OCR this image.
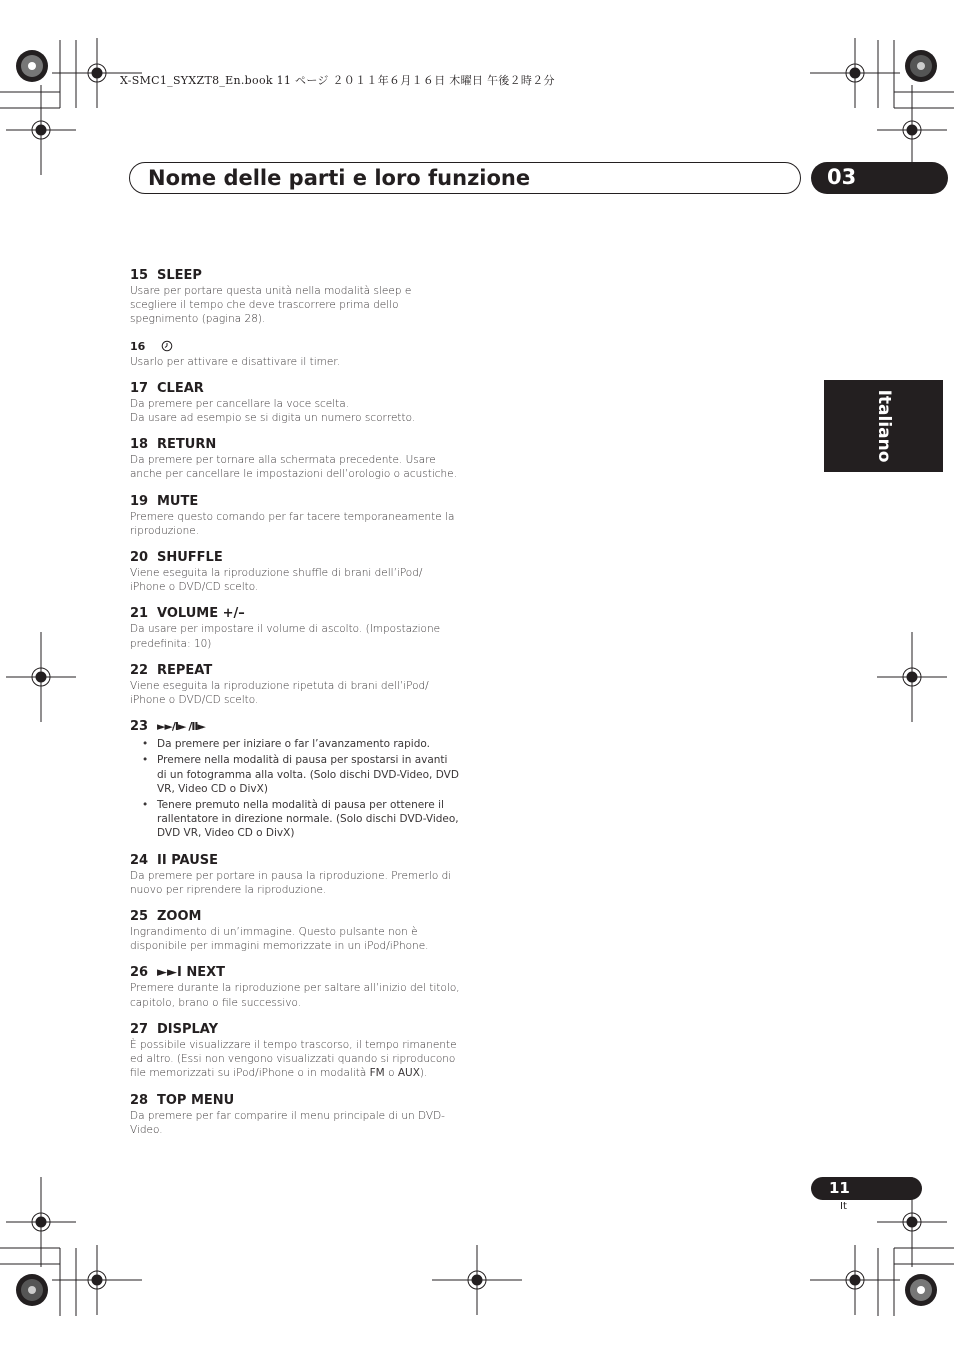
X-SMC1_SYXZT8_En.book 11 ページ ２０１１年６月１６日 木曜日 午後２時２分
Nome delle parti e loro funzione	03
Italiano
15 SLEEP
Usare per portare questa unità nella modalità sleep e scegliere il tempo che deve trascorrere prima dello spegnimento (pagina 28).
16
Usarlo per attivare e disattivare il timer.
17 CLEAR
Da premere per cancellare la voce scelta.
Da usare ad esempio se si digita un numero scorretto.
18 RETURN
Da premere per tornare alla schermata precedente. Usare anche per cancellare le impostazioni dell’orologio o acustiche.
19 MUTE
Premere questo comando per far tacere temporaneamente la riproduzione.
20 SHUFFLE
Viene eseguita la riproduzione shuffle di brani dell’iPod/ iPhone o DVD/CD scelto.
21 VOLUME +/–
Da usare per impostare il volume di ascolto. (Impostazione predefinita: 10)
22 REPEAT
Viene eseguita la riproduzione ripetuta di brani dell’iPod/ iPhone o DVD/CD scelto.
23 ►►/I► /II►
• Da premere per iniziare o far l’avanzamento rapido.
• Premere nella modalità di pausa per spostarsi in avanti di un fotogramma alla volta. (Solo dischi DVD-Video, DVD VR, Video CD o DivX)
• Tenere premuto nella modalità di pausa per ottenere il rallentatore in direzione normale. (Solo dischi DVD-Video, DVD VR, Video CD o DivX)
24 II PAUSE
Da premere per portare in pausa la riproduzione. Premerlo di nuovo per riprendere la riproduzione.
25 ZOOM
Ingrandimento di un’immagine. Questo pulsante non è disponibile per immagini memorizzate in un iPod/iPhone.
26 ►►I NEXT
Premere durante la riproduzione per saltare all’inizio del titolo, capitolo, brano o file successivo.
27 DISPLAY
È possibile visualizzare il tempo trascorso, il tempo rimanente ed altro. (Essi non vengono visualizzati quando si riproducono file memorizzati su iPod/iPhone o in modalità FM o AUX).
28 TOP MENU
Da premere per far comparire il menu principale di un DVD-Video.
11
It
